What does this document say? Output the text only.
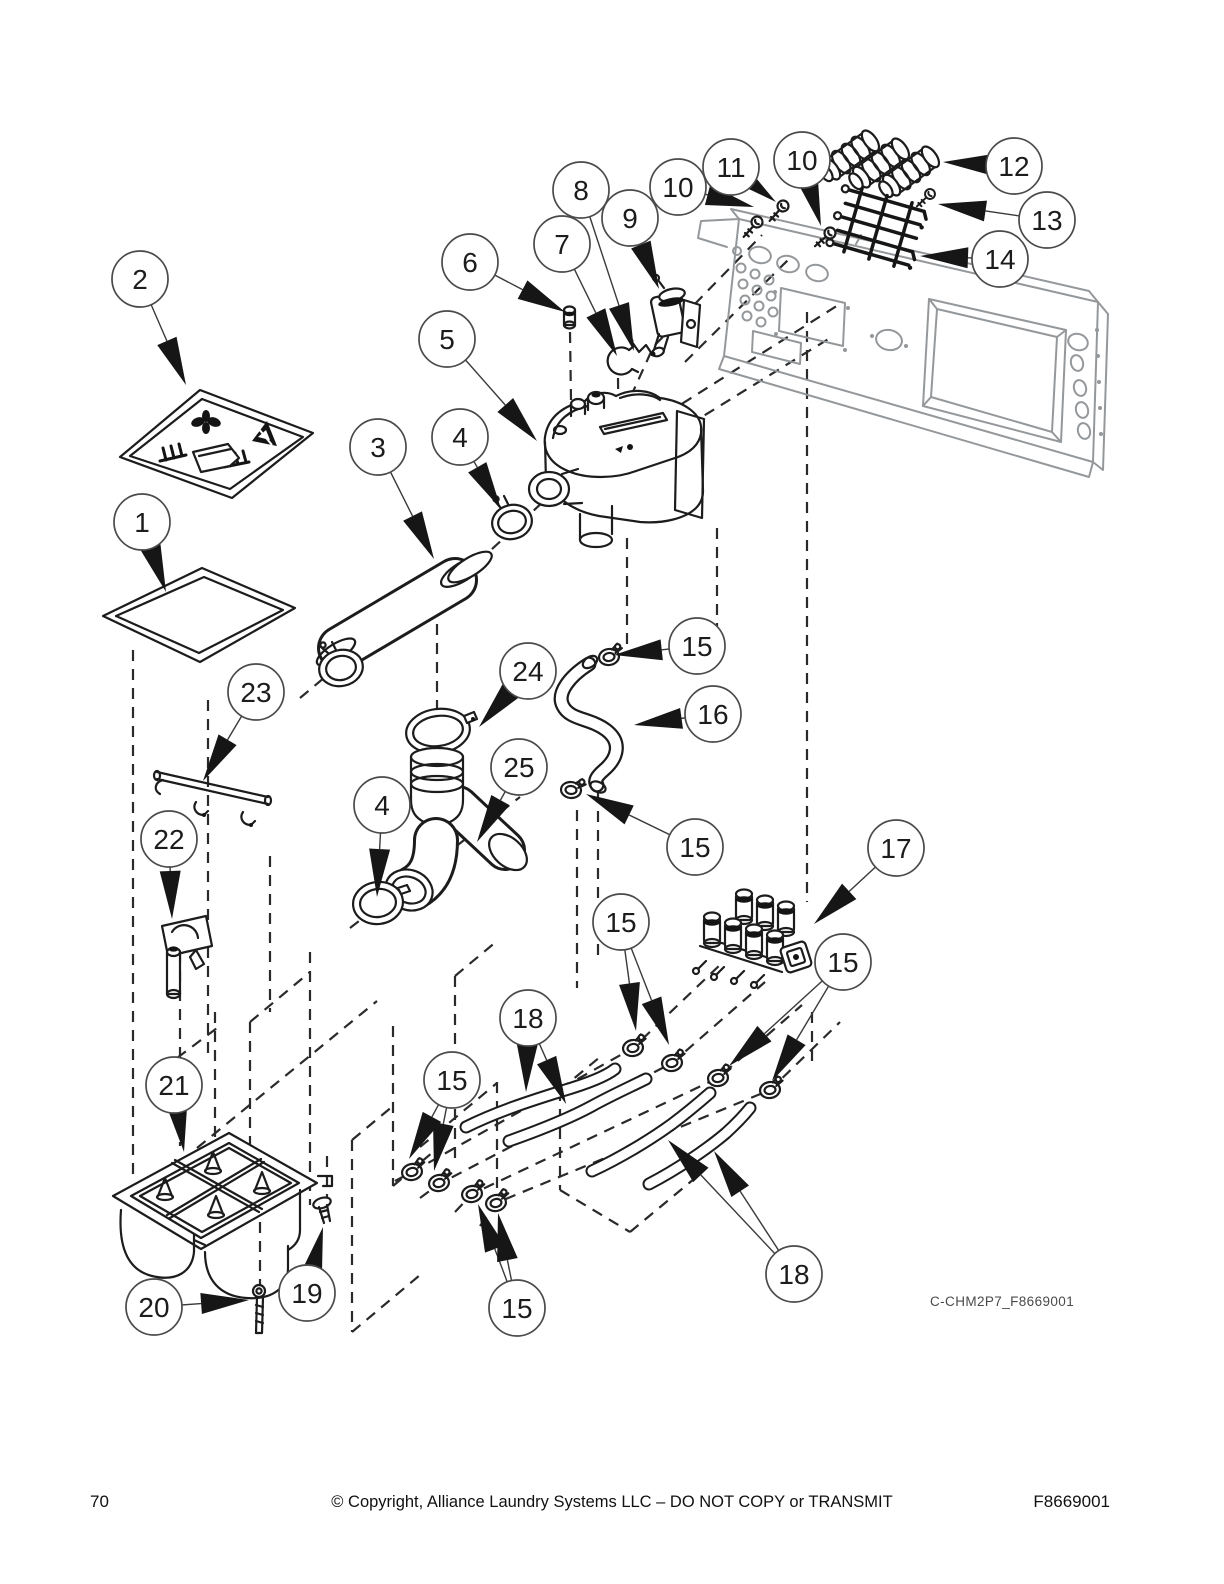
1
2
3 4
5
6
7
8
9
10
11 10	12
13
14
23
24
15
16
25
4
15
22	17
15
15
21	15
18
20	19	15
18
C-CHM2P7_F8669001
70	© Copyright, Alliance Laundry Systems LLC – DO NOT COPY or TRANSMIT	F8669001
